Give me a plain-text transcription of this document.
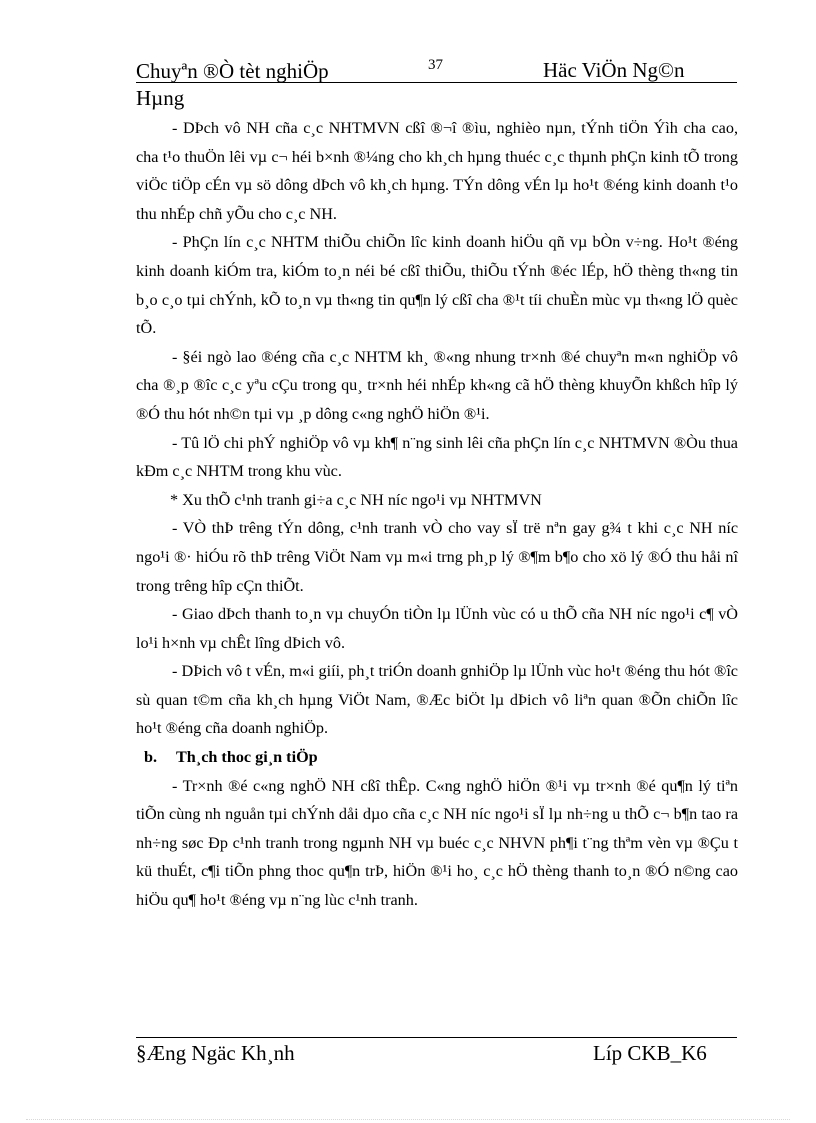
Chuyªn ®Ò tèt nghiÖp	37	Häc ViÖn Ng©n
Hµng

- DÞch vô NH cña c¸c NHTMVN cßî ®¬î ®ìu, nghièo nµn, tÝnh tiÖn Ýìh cha cao, cha t¹o thuÖn lêi vµ c¬ héi b×nh ®¼ng cho kh¸ch hµng thuéc c¸c thµnh phÇn kinh tÕ trong viÖc tiÖp cÉn vµ sö dông dÞch vô kh¸ch hµng. TÝn dông vÉn lµ ho¹t ®éng kinh doanh t¹o thu nhÉp chñ yÕu cho c¸c NH.

- PhÇn lín c¸c NHTM thiÕu chiÕn lîc kinh doanh hiÖu qñ vµ bÒn v÷ng. Ho¹t ®éng kinh doanh kiÓm tra, kiÓm to¸n néi bé cßî thiÕu, thiÕu tÝnh ®éc lÉp, hÖ thèng th«ng tin b¸o c¸o tµi chÝnh, kÕ to¸n vµ th«ng tin qu¶n lý cßî cha ®¹t tíi chuÈn mùc vµ th«ng lÖ quèc tÕ.

- §éi ngò lao ®éng cña c¸c NHTM kh¸ ®«ng nhung tr×nh ®é chuyªn m«n nghiÖp vô cha ®¸p ®îc c¸c yªu cÇu trong qu¸ tr×nh héi nhÉp kh«ng cã hÖ thèng khuyÕn khßch hîp lý ®Ó thu hót nh©n tµi vµ ¸p dông c«ng nghÖ hiÖn ®¹i.

- Tû lÖ chi phÝ nghiÖp vô vµ kh¶ n¨ng sinh lêi cña phÇn lín c¸c NHTMVN ®Òu thua kÐm c¸c NHTM trong khu vùc.

* Xu thÕ c¹nh tranh gi÷a c¸c NH níc ngo¹i vµ NHTMVN

- VÒ thÞ trêng tÝn dông, c¹nh tranh vÒ cho vay sÏ trë nªn gay g¾ t khi c¸c NH níc ngo¹i ®· hiÓu rõ thÞ trêng ViÖt Nam vµ m«i trng ph¸p lý ®¶m b¶o cho xö lý ®Ó thu håi nî trong trêng hîp cÇn thiÕt.

- Giao dÞch thanh to¸n vµ chuyÓn tiÒn lµ lÜnh vùc có u thÕ cña NH níc ngo¹i c¶ vÒ lo¹i h×nh vµ chÊt lîng dÞich vô.

- DÞich vô t vÉn, m«i giíi, ph¸t triÓn doanh gnhiÖp lµ lÜnh vùc ho¹t ®éng thu hót ®îc sù quan t©m cña kh¸ch hµng ViÖt Nam, ®Æc biÖt lµ dÞich vô liªn quan ®Õn chiÕn lîc ho¹t ®éng cña doanh nghiÖp.

b. Th¸ch thoc gi¸n tiÖp

- Tr×nh ®é c«ng nghÖ NH cßî thÊp. C«ng nghÖ hiÖn ®¹i vµ tr×nh ®é qu¶n lý tiªn tiÕn cùng nh nguån tµi chÝnh dåi dµo cña c¸c NH níc ngo¹i sÏ lµ nh÷ng u thÕ c¬ b¶n tao ra nh÷ng søc Ðp c¹nh tranh trong ngµnh NH vµ buéc c¸c NHVN ph¶i t¨ng thªm vèn vµ ®Çu t kü thuÉt, c¶i tiÕn phng thoc qu¶n trÞ, hiÖn ®¹i ho¸ c¸c hÖ thèng thanh to¸n ®Ó n©ng cao hiÖu qu¶ ho¹t ®éng vµ n¨ng lùc c¹nh tranh.

§Æng Ngäc Kh¸nh	Líp CKB_K6
